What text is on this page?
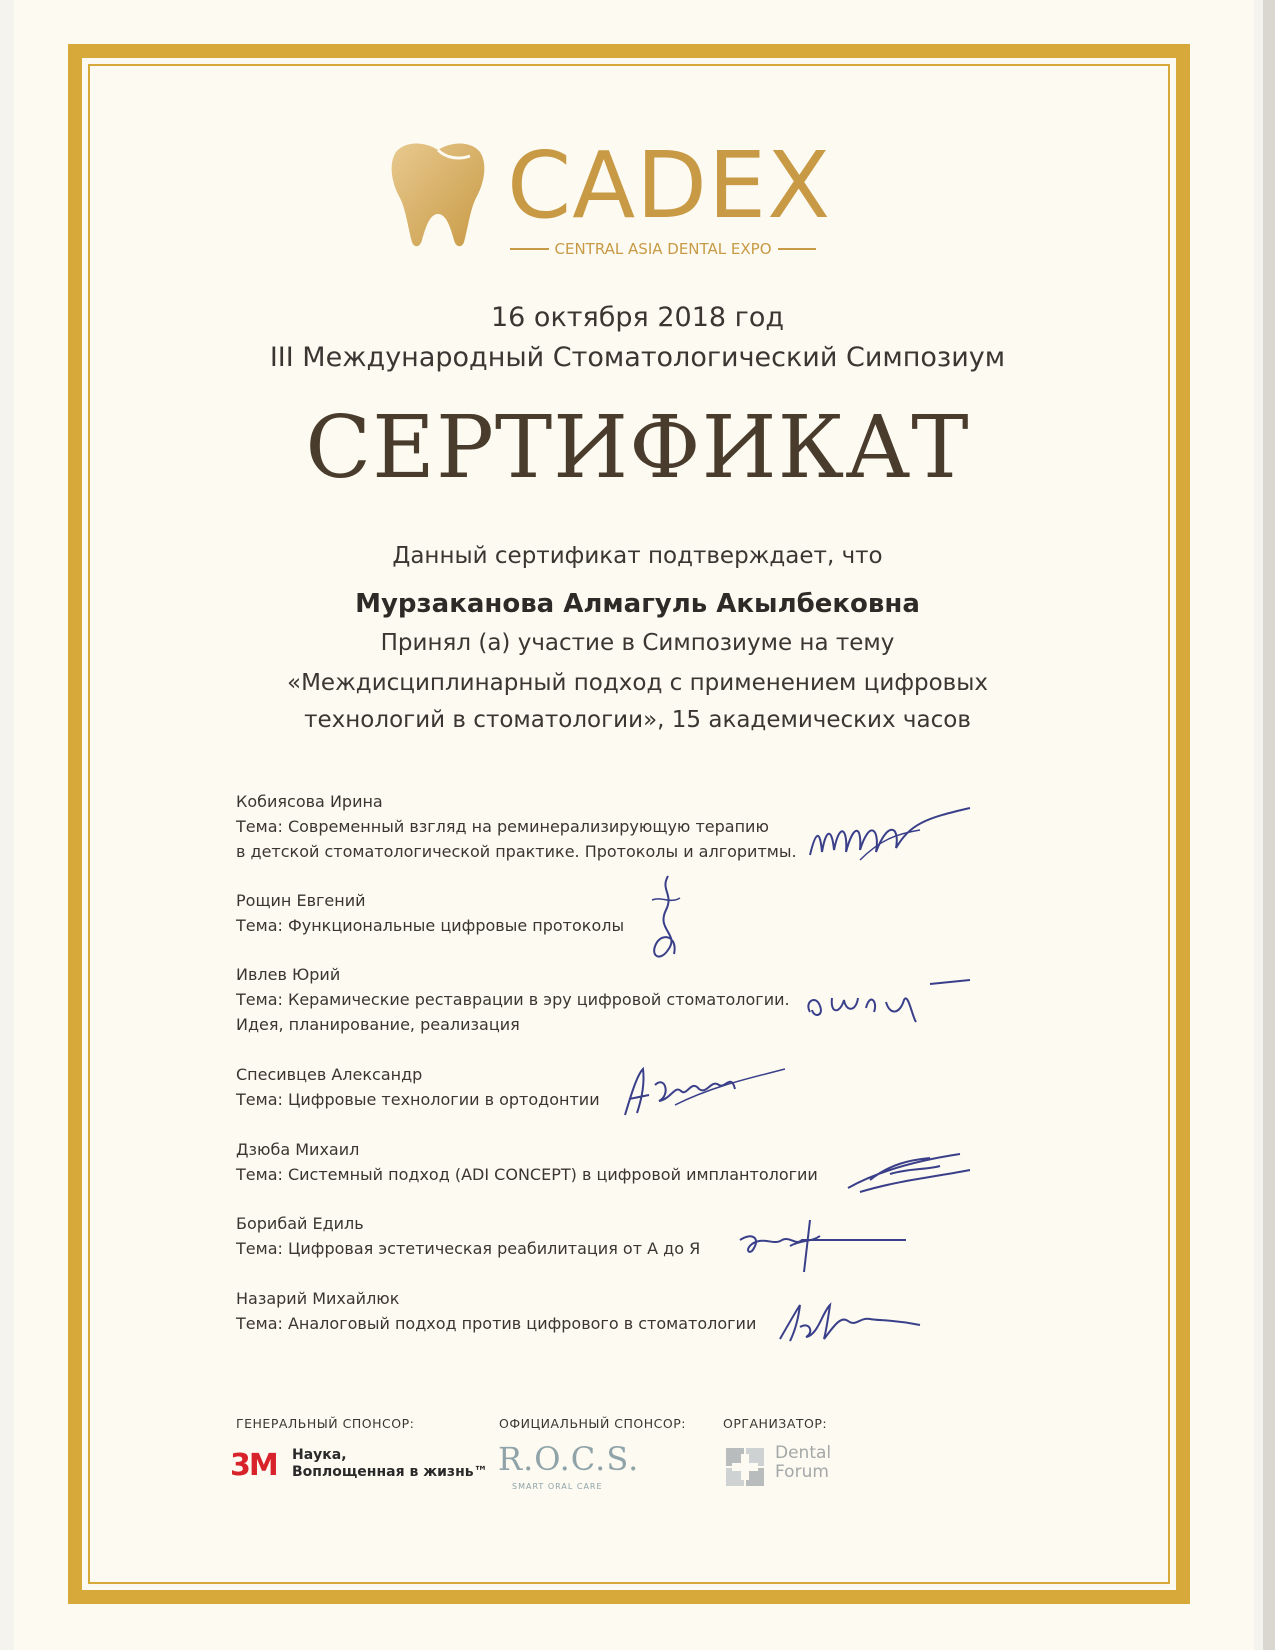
CADEX
CENTRAL ASIA DENTAL EXPO
16 октября 2018 год
III Международный Стоматологический Симпозиум
СЕРТИФИКАТ
Данный сертификат подтверждает, что
Мурзаканова Алмагуль Акылбековна
Принял (а) участие в Симпозиуме на тему
«Междисциплинарный подход с применением цифровых
технологий в стоматологии», 15 академических часов
Кобиясова Ирина
Тема: Современный взгляд на реминерализирующую терапию
в детской стоматологической практике. Протоколы и алгоритмы.
Рощин Евгений
Тема: Функциональные цифровые протоколы
Ивлев Юрий
Тема: Керамические реставрации в эру цифровой стоматологии.
Идея, планирование, реализация
Спесивцев Александр
Тема: Цифровые технологии в ортодонтии
Дзюба Михаил
Тема: Системный подход (ADI CONCEPT) в цифровой имплантологии
Борибай Едиль
Тема: Цифровая эстетическая реабилитация от А до Я
Назарий Михайлюк
Тема: Аналоговый подход против цифрового в стоматологии
ГЕНЕРАЛЬНЫЙ СПОНСОР:	ОФИЦИАЛЬНЫЙ СПОНСОР:	ОРГАНИЗАТОР:
3M Наука,
Воплощенная в жизнь™ R.O.C.S.
SMART ORAL CARE
Dental
Forum
